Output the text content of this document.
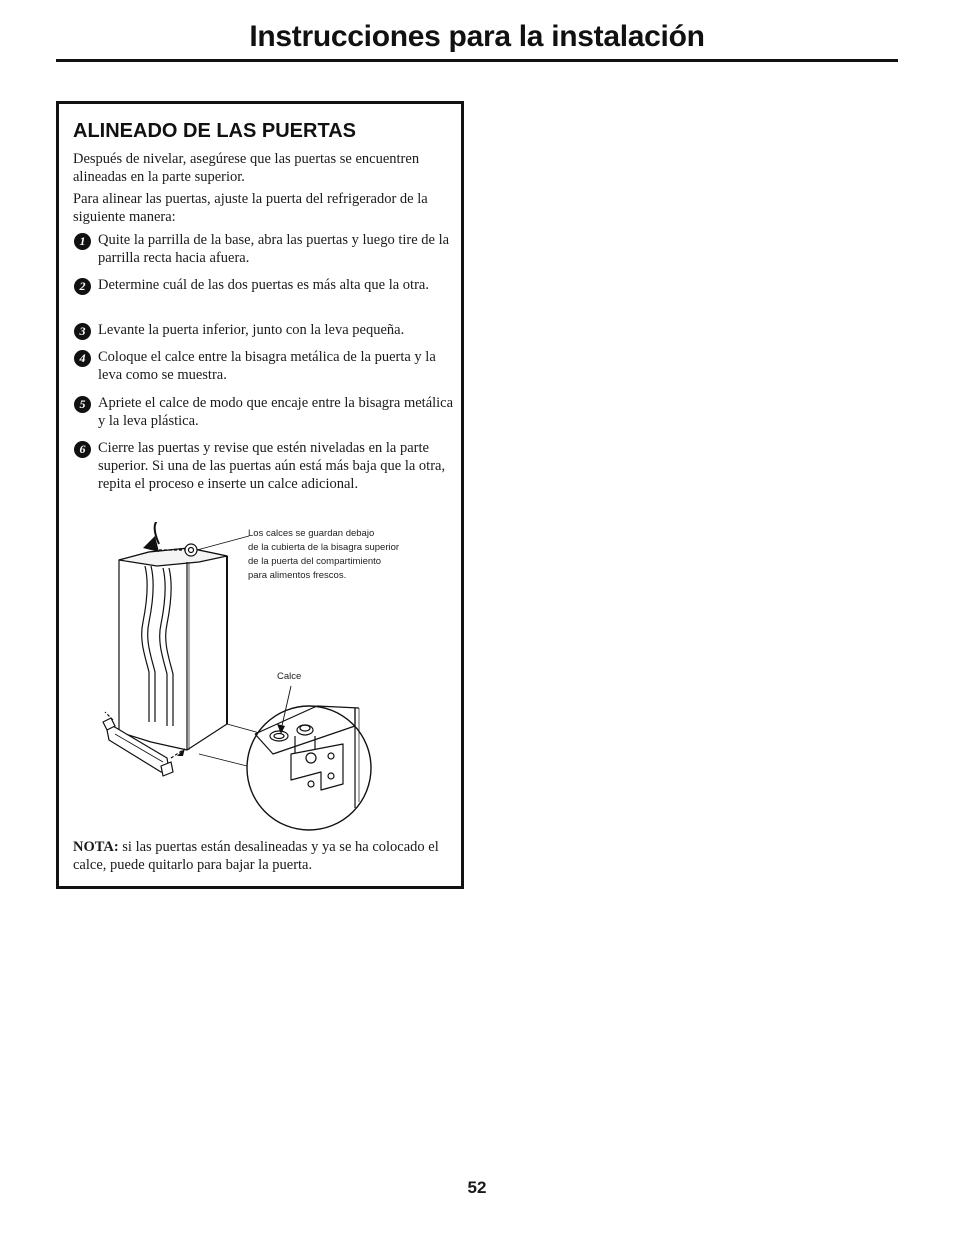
Instrucciones para la instalación
ALINEADO DE LAS PUERTAS
Después de nivelar, asegúrese que las puertas se encuentren alineadas en la parte superior.
Para alinear las puertas, ajuste la puerta del refrigerador de la siguiente manera:
1 Quite la parrilla de la base, abra las puertas y luego tire de la parrilla recta hacia afuera.
2 Determine cuál de las dos puertas es más alta que la otra.
3 Levante la puerta inferior, junto con la leva pequeña.
4 Coloque el calce entre la bisagra metálica de la puerta y la leva como se muestra.
5 Apriete el calce de modo que encaje entre la bisagra metálica y la leva plástica.
6 Cierre las puertas y revise que estén niveladas en la parte superior. Si una de las puertas aún está más baja que la otra, repita el proceso e inserte un calce adicional.
Los calces se guardan debajo
de la cubierta de la bisagra superior
de la puerta del compartimiento
para alimentos frescos.
Calce
NOTA: si las puertas están desalineadas y ya se ha colocado el calce, puede quitarlo para bajar la puerta.
52
